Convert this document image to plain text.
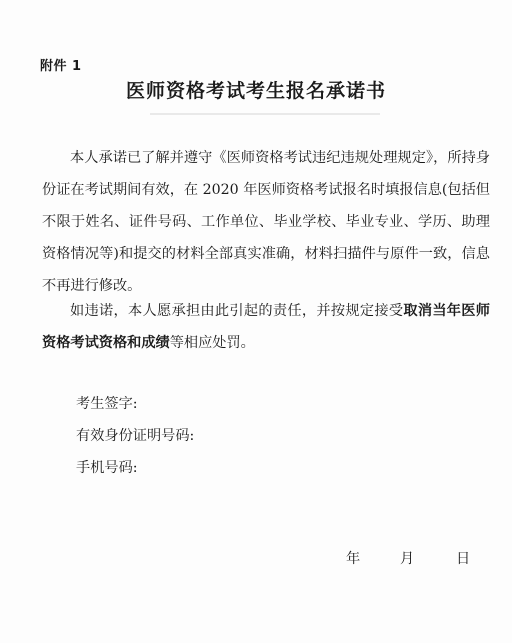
附件 1
医师资格考试考生报名承诺书

本人承诺已了解并遵守《医师资格考试违纪违规处理规定》，所持身份证在考试期间有效，在 2020 年医师资格考试报名时填报信息(包括但不限于姓名、证件号码、工作单位、毕业学校、毕业专业、学历、助理资格情况等)和提交的材料全部真实准确，材料扫描件与原件一致，信息不再进行修改。

如违诺，本人愿承担由此引起的责任，并按规定接受取消当年医师资格考试资格和成绩等相应处罚。

考生签字:
有效身份证明号码:
手机号码:
年	月	日
